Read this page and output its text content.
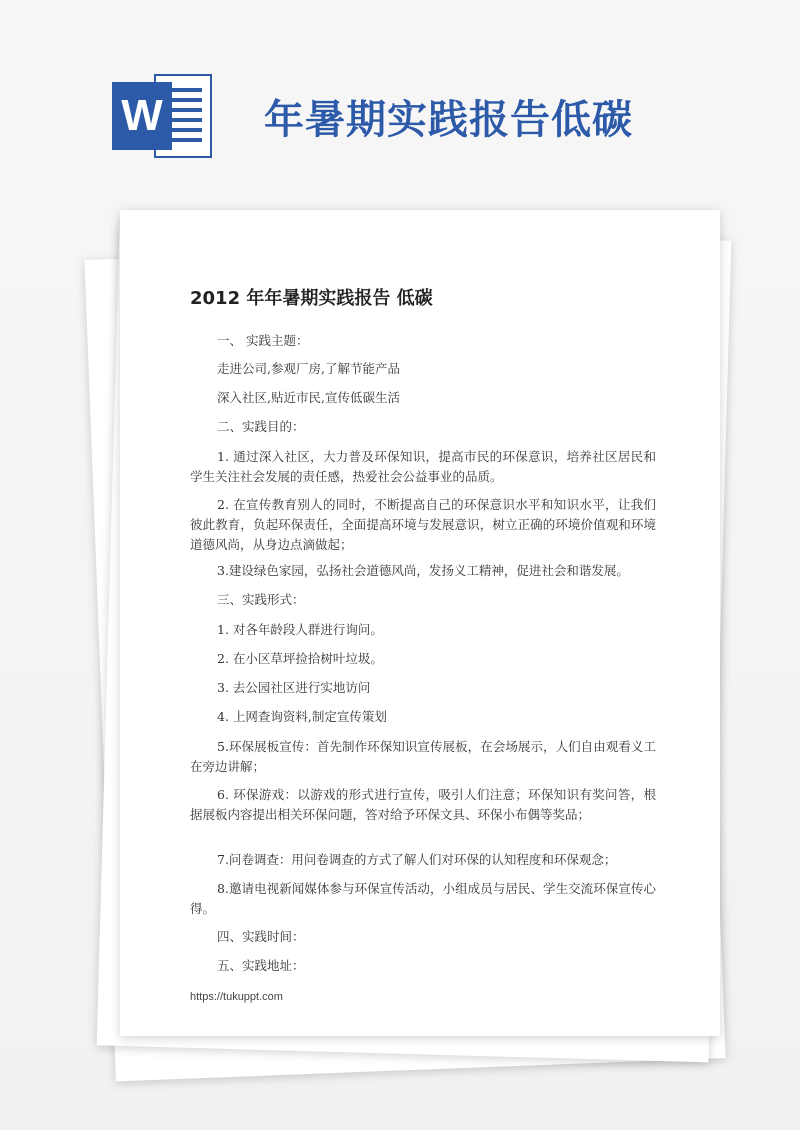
W	年暑期实践报告低碳
2012 年年暑期实践报告 低碳
一、 实践主题：
走进公司,参观厂房,了解节能产品
深入社区,贴近市民,宣传低碳生活
二、实践目的：
1. 通过深入社区，大力普及环保知识，提高市民的环保意识，培养社区居民和学生关注社会发展的责任感，热爱社会公益事业的品质。
2. 在宣传教育别人的同时，不断提高自己的环保意识水平和知识水平，让我们彼此教育，负起环保责任，全面提高环境与发展意识，树立正确的环境价值观和环境道德风尚，从身边点滴做起；
3.建设绿色家园，弘扬社会道德风尚，发扬义工精神，促进社会和谐发展。
三、实践形式：
1. 对各年龄段人群进行询问。
2. 在小区草坪捡拾树叶垃圾。
3. 去公园社区进行实地访问
4. 上网查询资料,制定宣传策划
5.环保展板宣传：首先制作环保知识宣传展板，在会场展示，人们自由观看义工在旁边讲解；
6. 环保游戏：以游戏的形式进行宣传，吸引人们注意；环保知识有奖问答，根据展板内容提出相关环保问题，答对给予环保文具、环保小布偶等奖品；
7.问卷调查：用问卷调查的方式了解人们对环保的认知程度和环保观念；
8.邀请电视新闻媒体参与环保宣传活动，小组成员与居民、学生交流环保宣传心得。
四、实践时间：
五、实践地址：
https://tukuppt.com
